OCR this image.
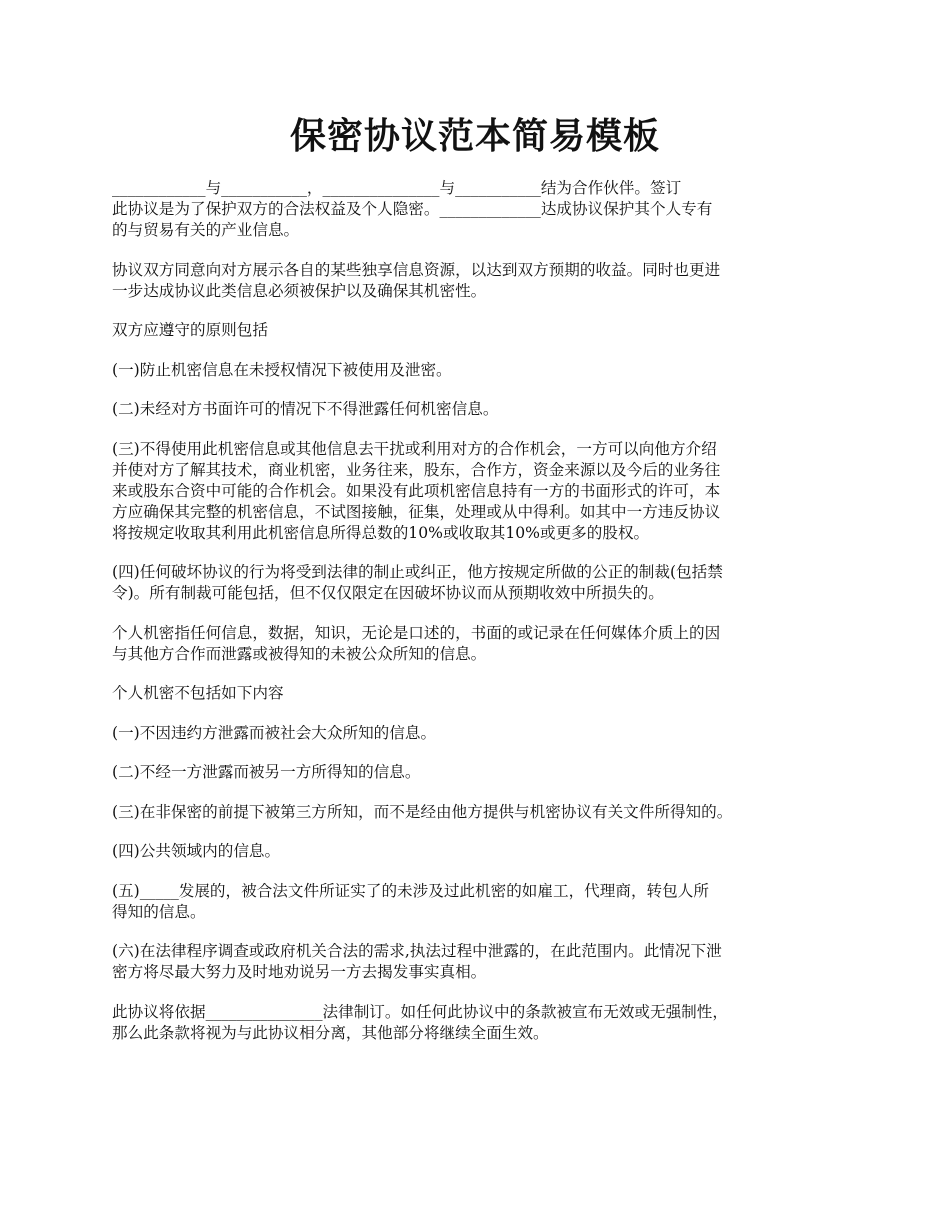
保密协议范本简易模板

____________与___________，_______________与___________结为合作伙伴。签订
此协议是为了保护双方的合法权益及个人隐密。_____________达成协议保护其个人专有
的与贸易有关的产业信息。

协议双方同意向对方展示各自的某些独享信息资源，以达到双方预期的收益。同时也更进
一步达成协议此类信息必须被保护以及确保其机密性。

双方应遵守的原则包括

(一)防止机密信息在未授权情况下被使用及泄密。

(二)未经对方书面许可的情况下不得泄露任何机密信息。

(三)不得使用此机密信息或其他信息去干扰或利用对方的合作机会，一方可以向他方介绍
并使对方了解其技术，商业机密，业务往来，股东，合作方，资金来源以及今后的业务往
来或股东合资中可能的合作机会。如果没有此项机密信息持有一方的书面形式的许可，本
方应确保其完整的机密信息，不试图接触，征集，处理或从中得利。如其中一方违反协议
将按规定收取其利用此机密信息所得总数的10%或收取其10%或更多的股权。

(四)任何破坏协议的行为将受到法律的制止或纠正，他方按规定所做的公正的制裁(包括禁
令)。所有制裁可能包括，但不仅仅限定在因破坏协议而从预期收效中所损失的。

个人机密指任何信息，数据，知识，无论是口述的，书面的或记录在任何媒体介质上的因
与其他方合作而泄露或被得知的未被公众所知的信息。

个人机密不包括如下内容

(一)不因违约方泄露而被社会大众所知的信息。

(二)不经一方泄露而被另一方所得知的信息。

(三)在非保密的前提下被第三方所知，而不是经由他方提供与机密协议有关文件所得知的。

(四)公共领域内的信息。

(五)_____发展的，被合法文件所证实了的未涉及过此机密的如雇工，代理商，转包人所
得知的信息。

(六)在法律程序调查或政府机关合法的需求,执法过程中泄露的，在此范围内。此情况下泄
密方将尽最大努力及时地劝说另一方去揭发事实真相。

此协议将依据_______________法律制订。如任何此协议中的条款被宣布无效或无强制性，
那么此条款将视为与此协议相分离，其他部分将继续全面生效。
